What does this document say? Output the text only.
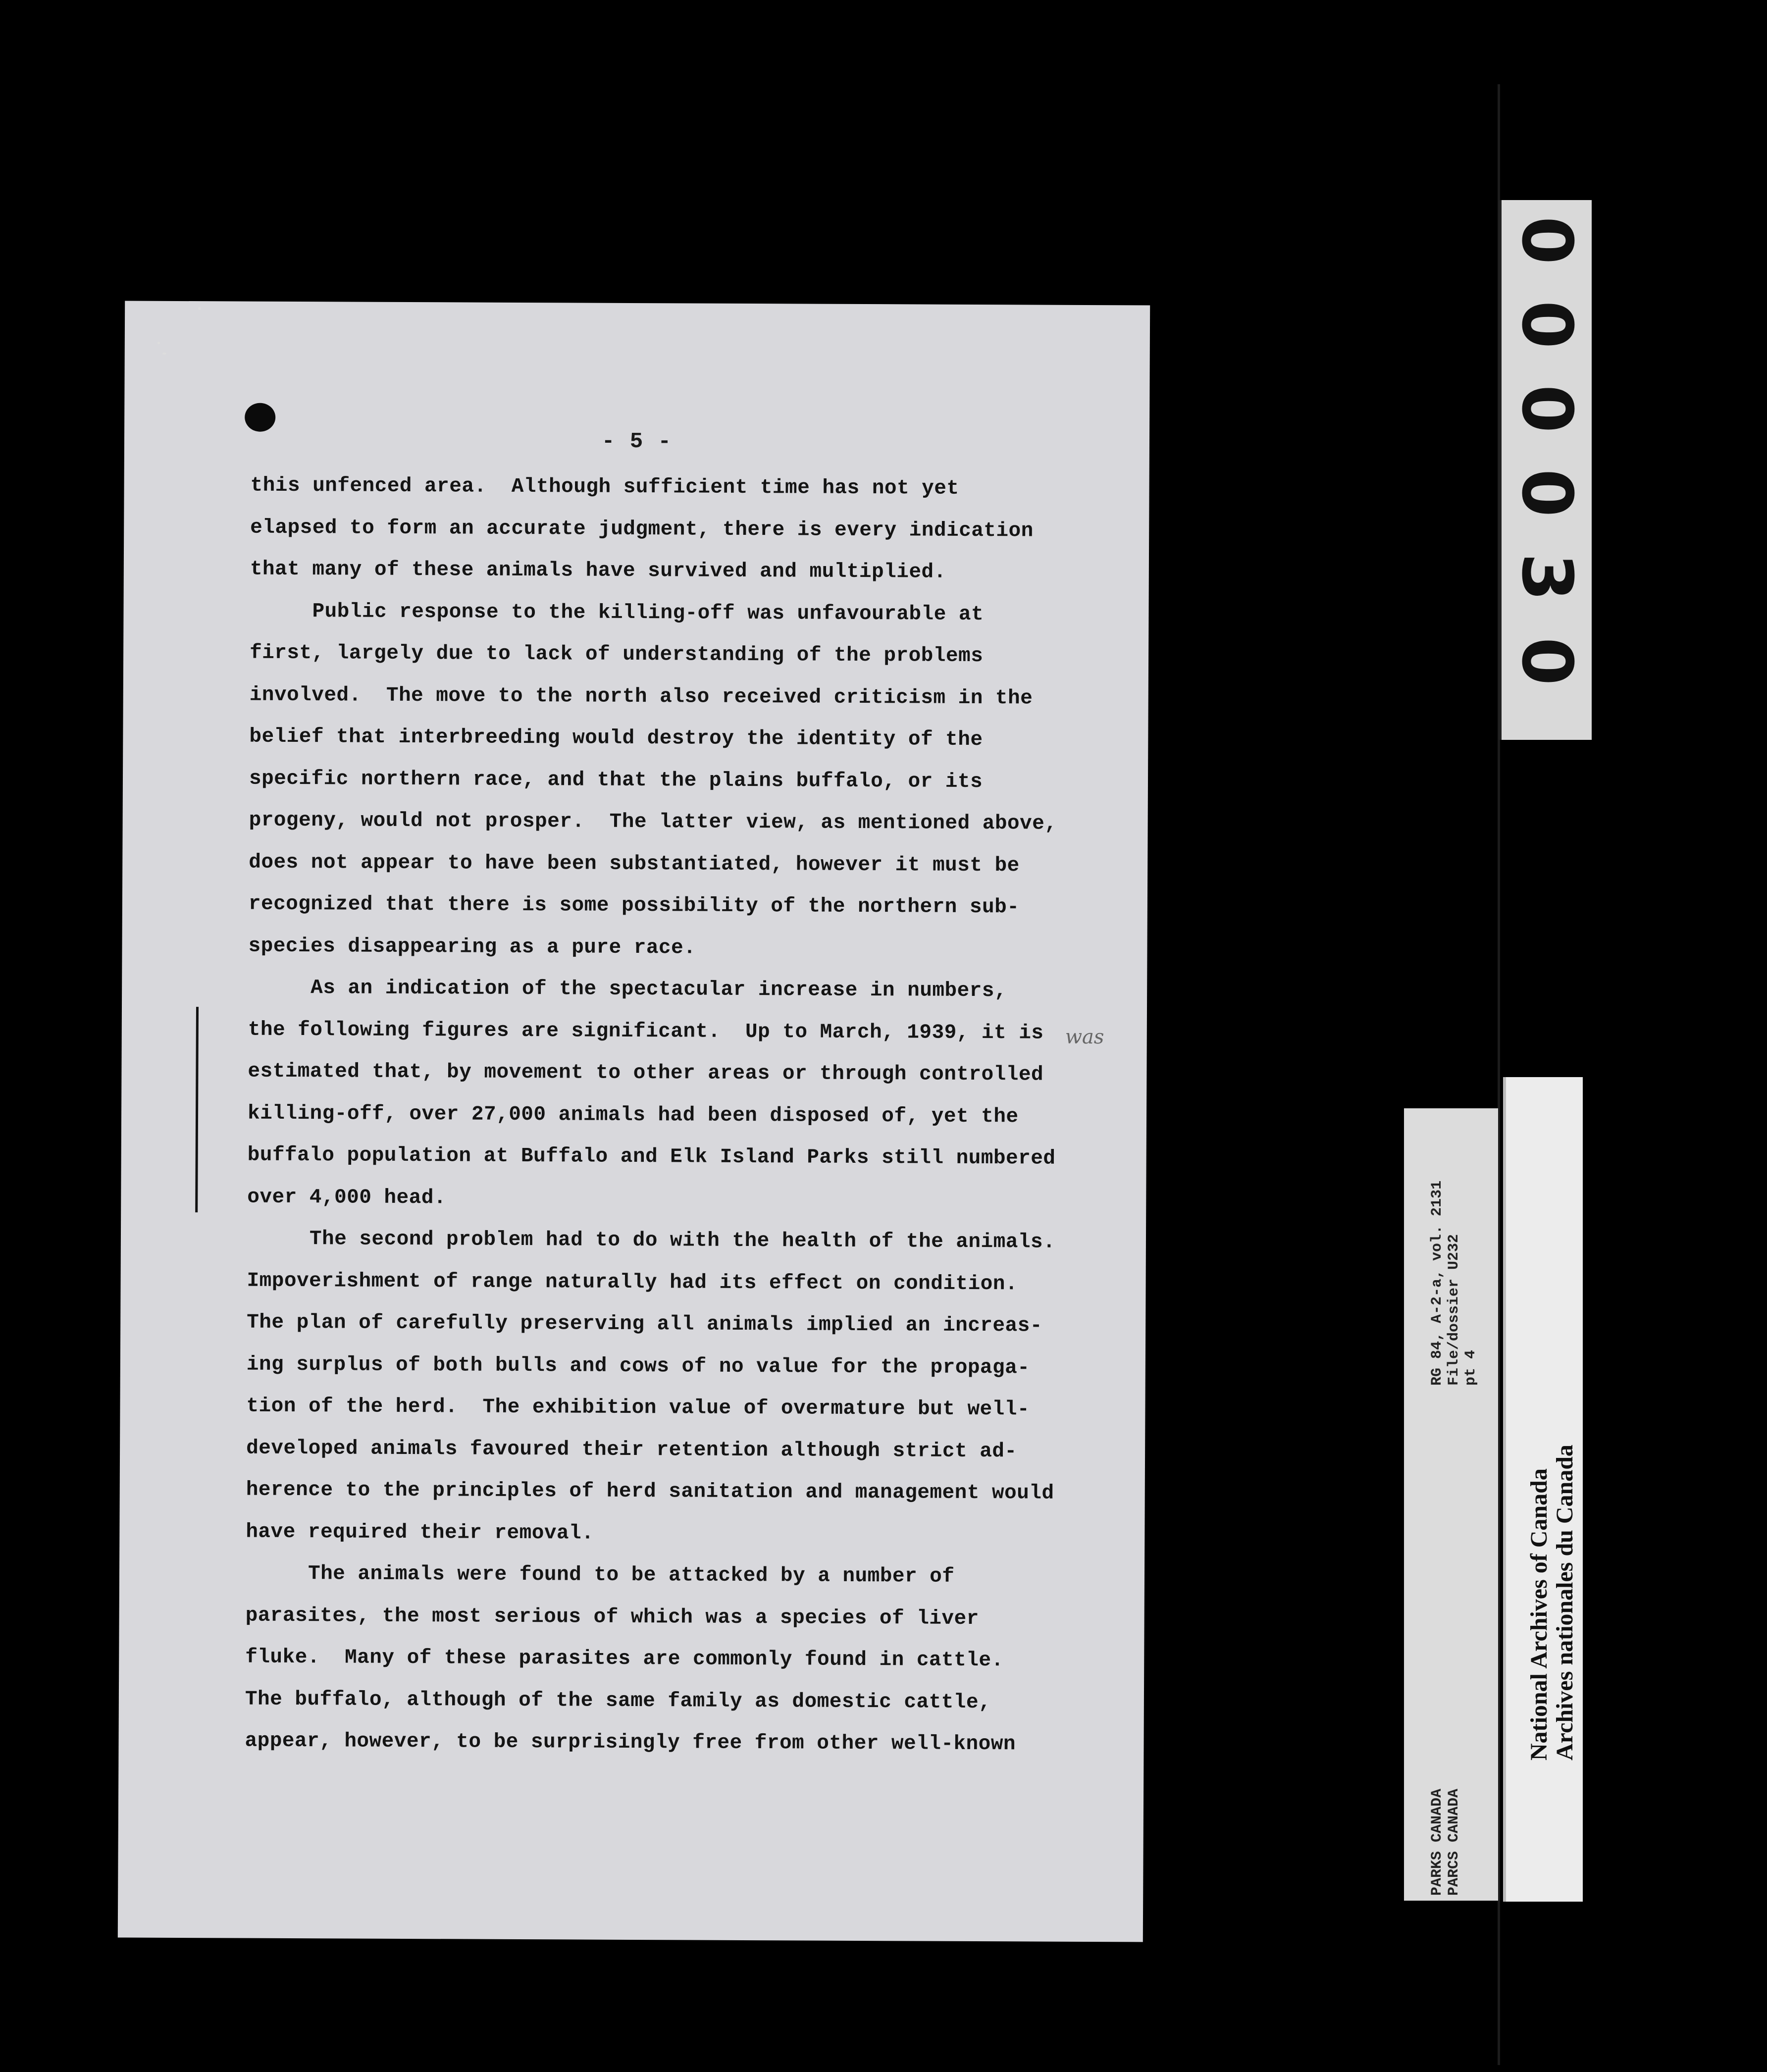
- 5 -
was
this unfenced area.  Although sufficient time has not yet
elapsed to form an accurate judgment, there is every indication
that many of these animals have survived and multiplied.
Public response to the killing-off was unfavourable at
first, largely due to lack of understanding of the problems
involved.  The move to the north also received criticism in the
belief that interbreeding would destroy the identity of the
specific northern race, and that the plains buffalo, or its
progeny, would not prosper.  The latter view, as mentioned above,
does not appear to have been substantiated, however it must be
recognized that there is some possibility of the northern sub-
species disappearing as a pure race.
As an indication of the spectacular increase in numbers,
the following figures are significant.  Up to March, 1939, it is
estimated that, by movement to other areas or through controlled
killing-off, over 27,000 animals had been disposed of, yet the
buffalo population at Buffalo and Elk Island Parks still numbered
over 4,000 head.
The second problem had to do with the health of the animals.
Impoverishment of range naturally had its effect on condition.
The plan of carefully preserving all animals implied an increas-
ing surplus of both bulls and cows of no value for the propaga-
tion of the herd.  The exhibition value of overmature but well-
developed animals favoured their retention although strict ad-
herence to the principles of herd sanitation and management would
have required their removal.
The animals were found to be attacked by a number of
parasites, the most serious of which was a species of liver
fluke.  Many of these parasites are commonly found in cattle.
The buffalo, although of the same family as domestic cattle,
appear, however, to be surprisingly free from other well-known
0
0
0
0
3
0
RG 84, A-2-a, vol. 2131 File/dossier U232 pt 4
PARKS CANADA PARCS CANADA
National Archives of Canada Archives nationales du Canada
